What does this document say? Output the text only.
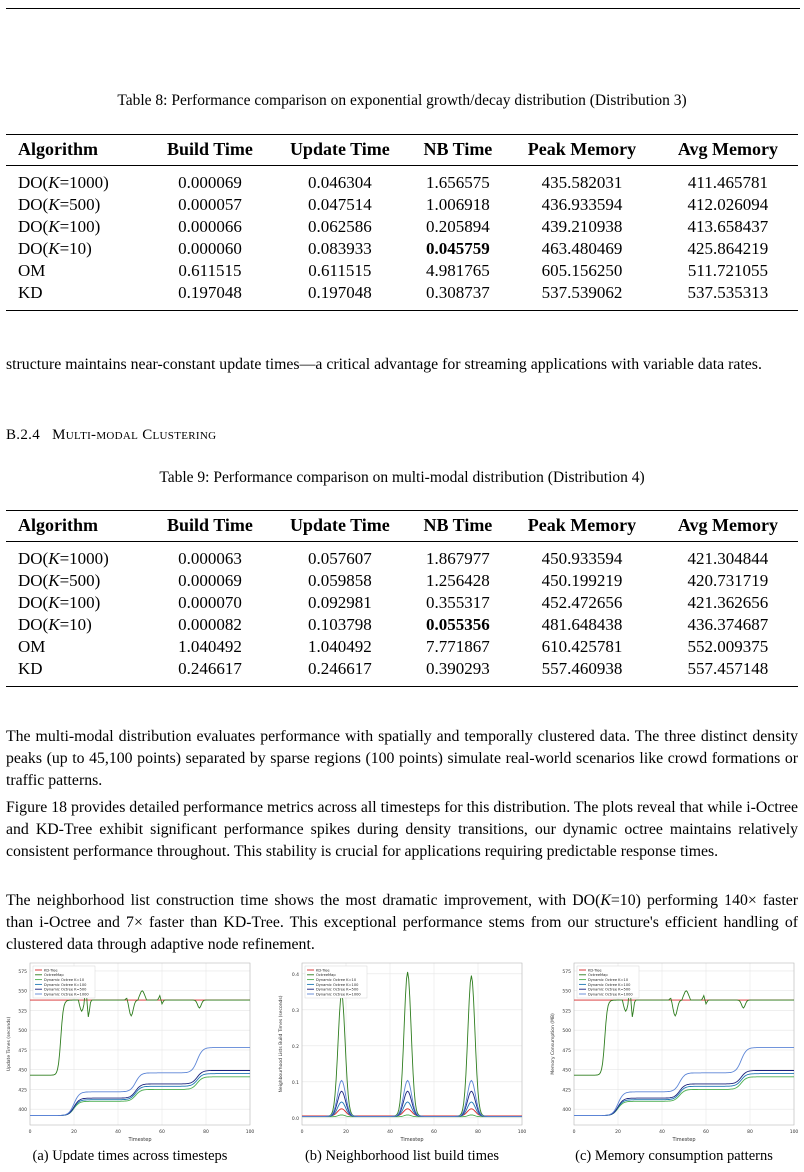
Table 8: Performance comparison on exponential growth/decay distribution (Distribution 3)
Algorithm	Build Time	Update Time	NB Time	Peak Memory	Avg Memory
DO(K=1000)	0.000069	0.046304	1.656575	435.582031	411.465781
DO(K=500)	0.000057	0.047514	1.006918	436.933594	412.026094
DO(K=100)	0.000066	0.062586	0.205894	439.210938	413.658437
DO(K=10)	0.000060	0.083933	0.045759	463.480469	425.864219
OM	0.611515	0.611515	4.981765	605.156250	511.721055
KD	0.197048	0.197048	0.308737	537.539062	537.535313
structure maintains near-constant update times—a critical advantage for streaming applications with variable data rates.
B.2.4 Multi-modal Clustering
Table 9: Performance comparison on multi-modal distribution (Distribution 4)
Algorithm	Build Time	Update Time	NB Time	Peak Memory	Avg Memory
DO(K=1000)	0.000063	0.057607	1.867977	450.933594	421.304844
DO(K=500)	0.000069	0.059858	1.256428	450.199219	420.731719
DO(K=100)	0.000070	0.092981	0.355317	452.472656	421.362656
DO(K=10)	0.000082	0.103798	0.055356	481.648438	436.374687
OM	1.040492	1.040492	7.771867	610.425781	552.009375
KD	0.246617	0.246617	0.390293	557.460938	557.457148
The multi-modal distribution evaluates performance with spatially and temporally clustered data. The three distinct density peaks (up to 45,100 points) separated by sparse regions (100 points) simulate real-world scenarios like crowd formations or traffic patterns.
Figure 18 provides detailed performance metrics across all timesteps for this distribution. The plots reveal that while i-Octree and KD-Tree exhibit significant performance spikes during density transitions, our dynamic octree maintains relatively consistent performance throughout. This stability is crucial for applications requiring predictable response times.
The neighborhood list construction time shows the most dramatic improvement, with DO(K=10) performing 140× faster than i-Octree and 7× faster than KD-Tree. This exceptional performance stems from our structure's efficient handling of clustered data through adaptive node refinement.
400
425
450
475
500
525
550
575
0	20	40	60	80	100
Timestep
Update Times (seconds)
KD-Tree
OctreeMap
Dynamic Octree K=10
Dynamic Octree K=100
Dynamic Octree K=500
Dynamic Octree K=1000
0.0
0.1
0.2
0.3
0.4
0	20	40	60	80	100
Timestep
Neighbourhood Lists Build Times (seconds)
KD-Tree
OctreeMap
Dynamic Octree K=10
Dynamic Octree K=100
Dynamic Octree K=500
Dynamic Octree K=1000
400
425
450
475
500
525
550
575
0	20	40	60	80	100
Timestep
Memory Consumption (MB)
KD-Tree
OctreeMap
Dynamic Octree K=10
Dynamic Octree K=100
Dynamic Octree K=500
Dynamic Octree K=1000
(a) Update times across timesteps	(b) Neighborhood list build times	(c) Memory consumption patterns
